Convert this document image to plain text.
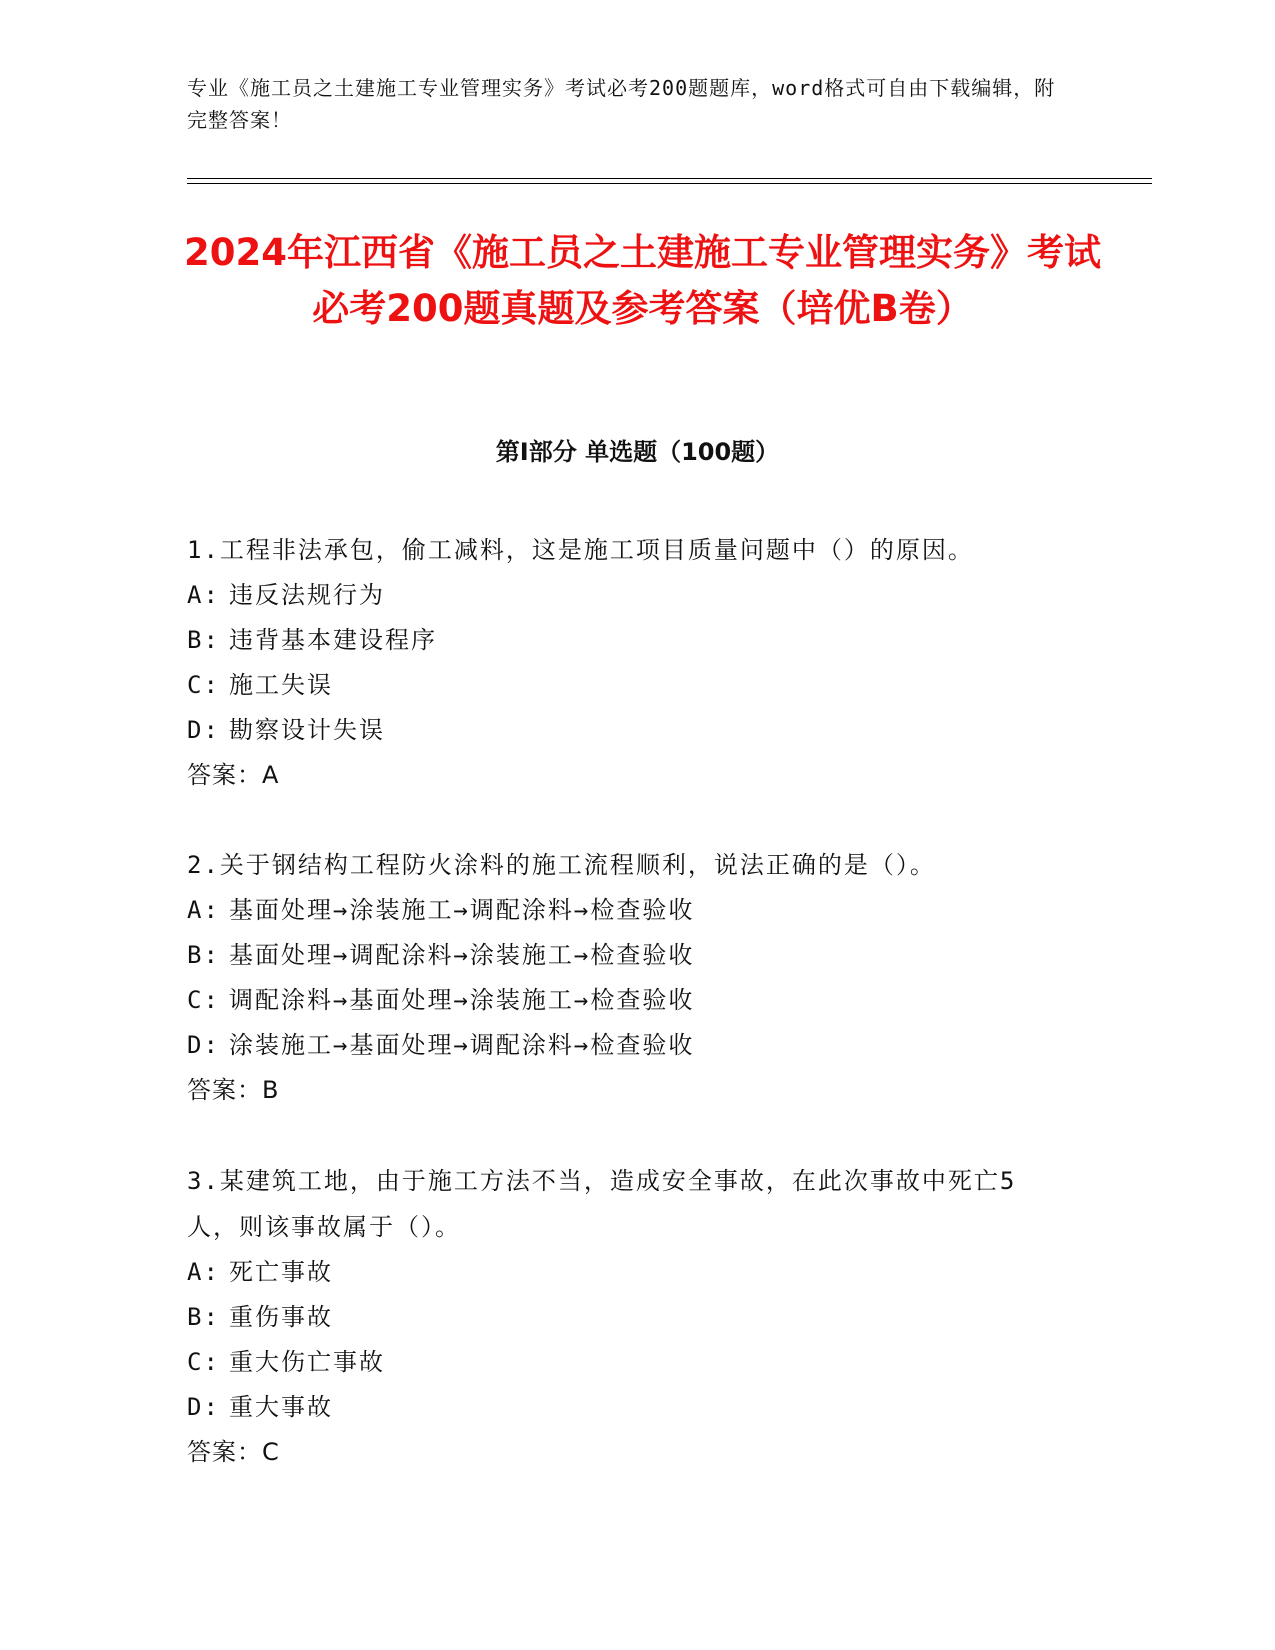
专业《施工员之土建施工专业管理实务》考试必考200题题库，word格式可自由下载编辑，附完整答案！
2024年江西省《施工员之土建施工专业管理实务》考试必考200题真题及参考答案（培优B卷）
第Ⅰ部分 单选题（100题）
1.工程非法承包，偷工减料，这是施工项目质量问题中（）的原因。
A: 违反法规行为
B: 违背基本建设程序
C: 施工失误
D: 勘察设计失误
答案：A
2.关于钢结构工程防火涂料的施工流程顺利，说法正确的是（）。
A: 基面处理→涂装施工→调配涂料→检查验收
B: 基面处理→调配涂料→涂装施工→检查验收
C: 调配涂料→基面处理→涂装施工→检查验收
D: 涂装施工→基面处理→调配涂料→检查验收
答案：B
3.某建筑工地，由于施工方法不当，造成安全事故，在此次事故中死亡5人，则该事故属于（）。
A: 死亡事故
B: 重伤事故
C: 重大伤亡事故
D: 重大事故
答案：C
